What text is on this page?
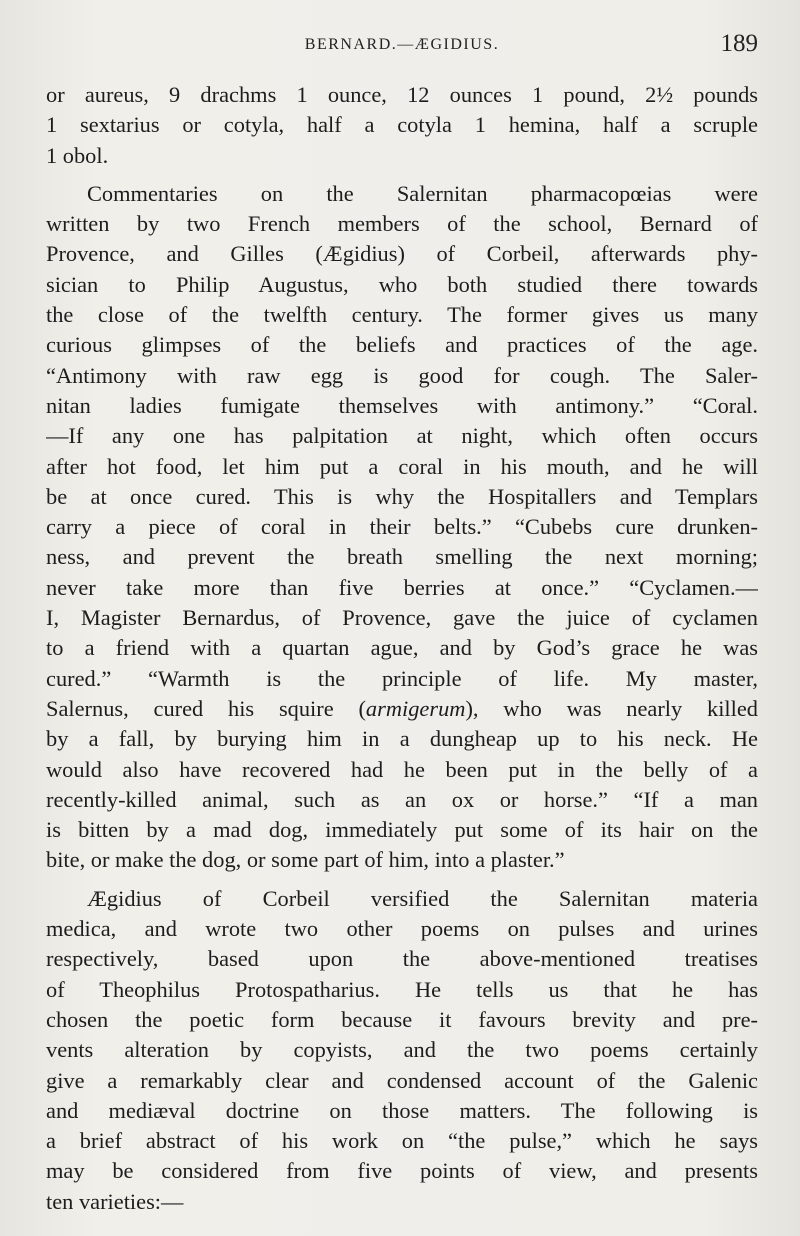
BERNARD.—ÆGIDIUS.	189
or aureus, 9 drachms 1 ounce, 12 ounces 1 pound, 2½ pounds
1 sextarius or cotyla, half a cotyla 1 hemina, half a scruple
1 obol.
Commentaries on the Salernitan pharmacopœias were
written by two French members of the school, Bernard of
Provence, and Gilles (Ægidius) of Corbeil, afterwards phy-
sician to Philip Augustus, who both studied there towards
the close of the twelfth century. The former gives us many
curious glimpses of the beliefs and practices of the age.
“Antimony with raw egg is good for cough. The Saler-
nitan ladies fumigate themselves with antimony.” “Coral.
—If any one has palpitation at night, which often occurs
after hot food, let him put a coral in his mouth, and he will
be at once cured. This is why the Hospitallers and Templars
carry a piece of coral in their belts.” “Cubebs cure drunken-
ness, and prevent the breath smelling the next morning;
never take more than five berries at once.” “Cyclamen.—
I, Magister Bernardus, of Provence, gave the juice of cyclamen
to a friend with a quartan ague, and by God’s grace he was
cured.” “Warmth is the principle of life. My master,
Salernus, cured his squire (armigerum), who was nearly killed
by a fall, by burying him in a dungheap up to his neck. He
would also have recovered had he been put in the belly of a
recently-killed animal, such as an ox or horse.” “If a man
is bitten by a mad dog, immediately put some of its hair on the
bite, or make the dog, or some part of him, into a plaster.”
Ægidius of Corbeil versified the Salernitan materia
medica, and wrote two other poems on pulses and urines
respectively, based upon the above-mentioned treatises
of Theophilus Protospatharius. He tells us that he has
chosen the poetic form because it favours brevity and pre-
vents alteration by copyists, and the two poems certainly
give a remarkably clear and condensed account of the Galenic
and mediæval doctrine on those matters. The following is
a brief abstract of his work on “the pulse,” which he says
may be considered from five points of view, and presents
ten varieties:—
